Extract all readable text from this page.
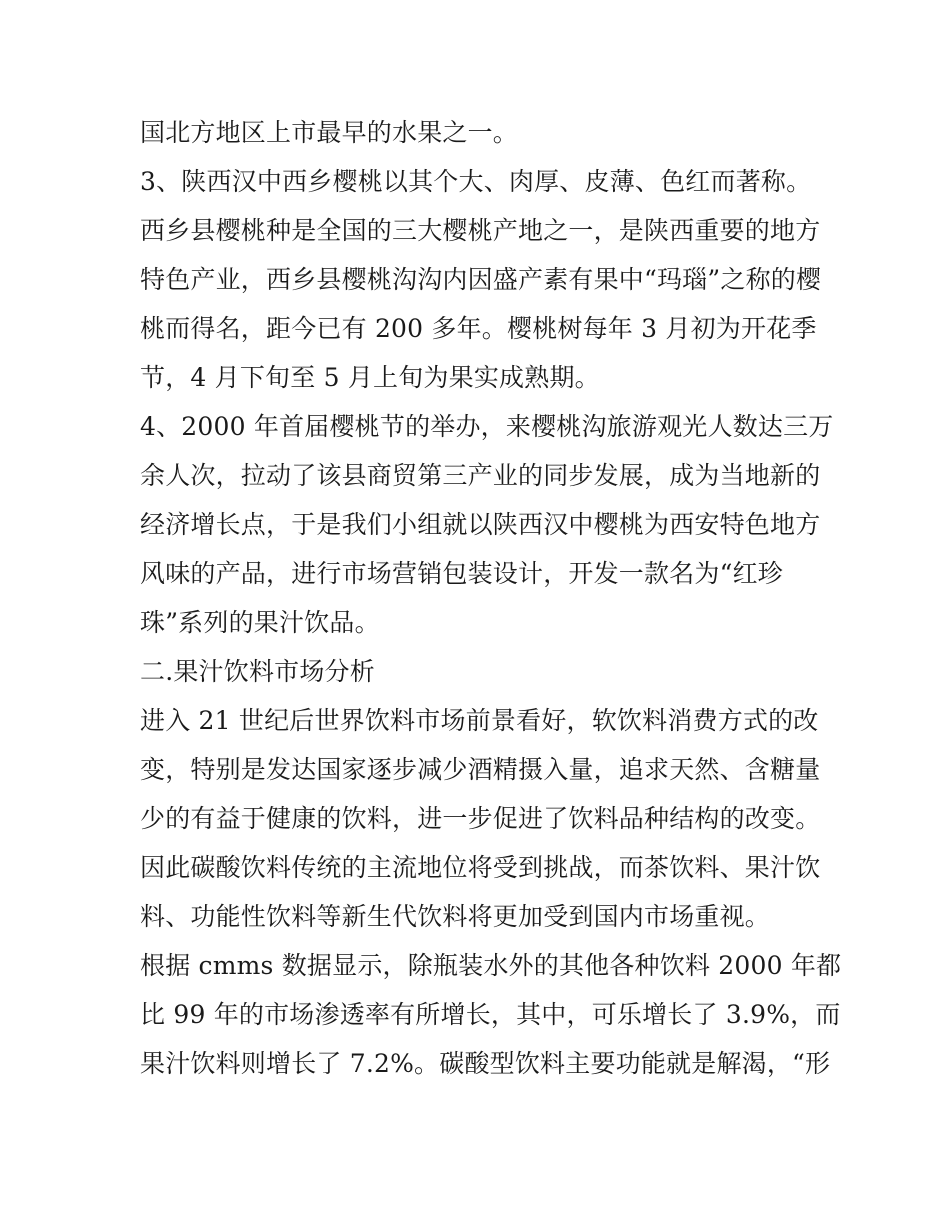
国北方地区上市最早的水果之一。
3、陕西汉中西乡樱桃以其个大、肉厚、皮薄、色红而著称。
西乡县樱桃种是全国的三大樱桃产地之一，是陕西重要的地方
特色产业，西乡县樱桃沟沟内因盛产素有果中“玛瑙”之称的樱
桃而得名，距今已有 200 多年。樱桃树每年 3 月初为开花季
节，4 月下旬至 5 月上旬为果实成熟期。
4、2000 年首届樱桃节的举办，来樱桃沟旅游观光人数达三万
余人次，拉动了该县商贸第三产业的同步发展，成为当地新的
经济增长点，于是我们小组就以陕西汉中樱桃为西安特色地方
风味的产品，进行市场营销包装设计，开发一款名为“红珍
珠”系列的果汁饮品。
二.果汁饮料市场分析
进入 21 世纪后世界饮料市场前景看好，软饮料消费方式的改
变，特别是发达国家逐步减少酒精摄入量，追求天然、含糖量
少的有益于健康的饮料，进一步促进了饮料品种结构的改变。
因此碳酸饮料传统的主流地位将受到挑战，而茶饮料、果汁饮
料、功能性饮料等新生代饮料将更加受到国内市场重视。
根据 cmms 数据显示，除瓶装水外的其他各种饮料 2000 年都
比 99 年的市场渗透率有所增长，其中，可乐增长了 3.9%，而
果汁饮料则增长了 7.2%。碳酸型饮料主要功能就是解渴，“形
